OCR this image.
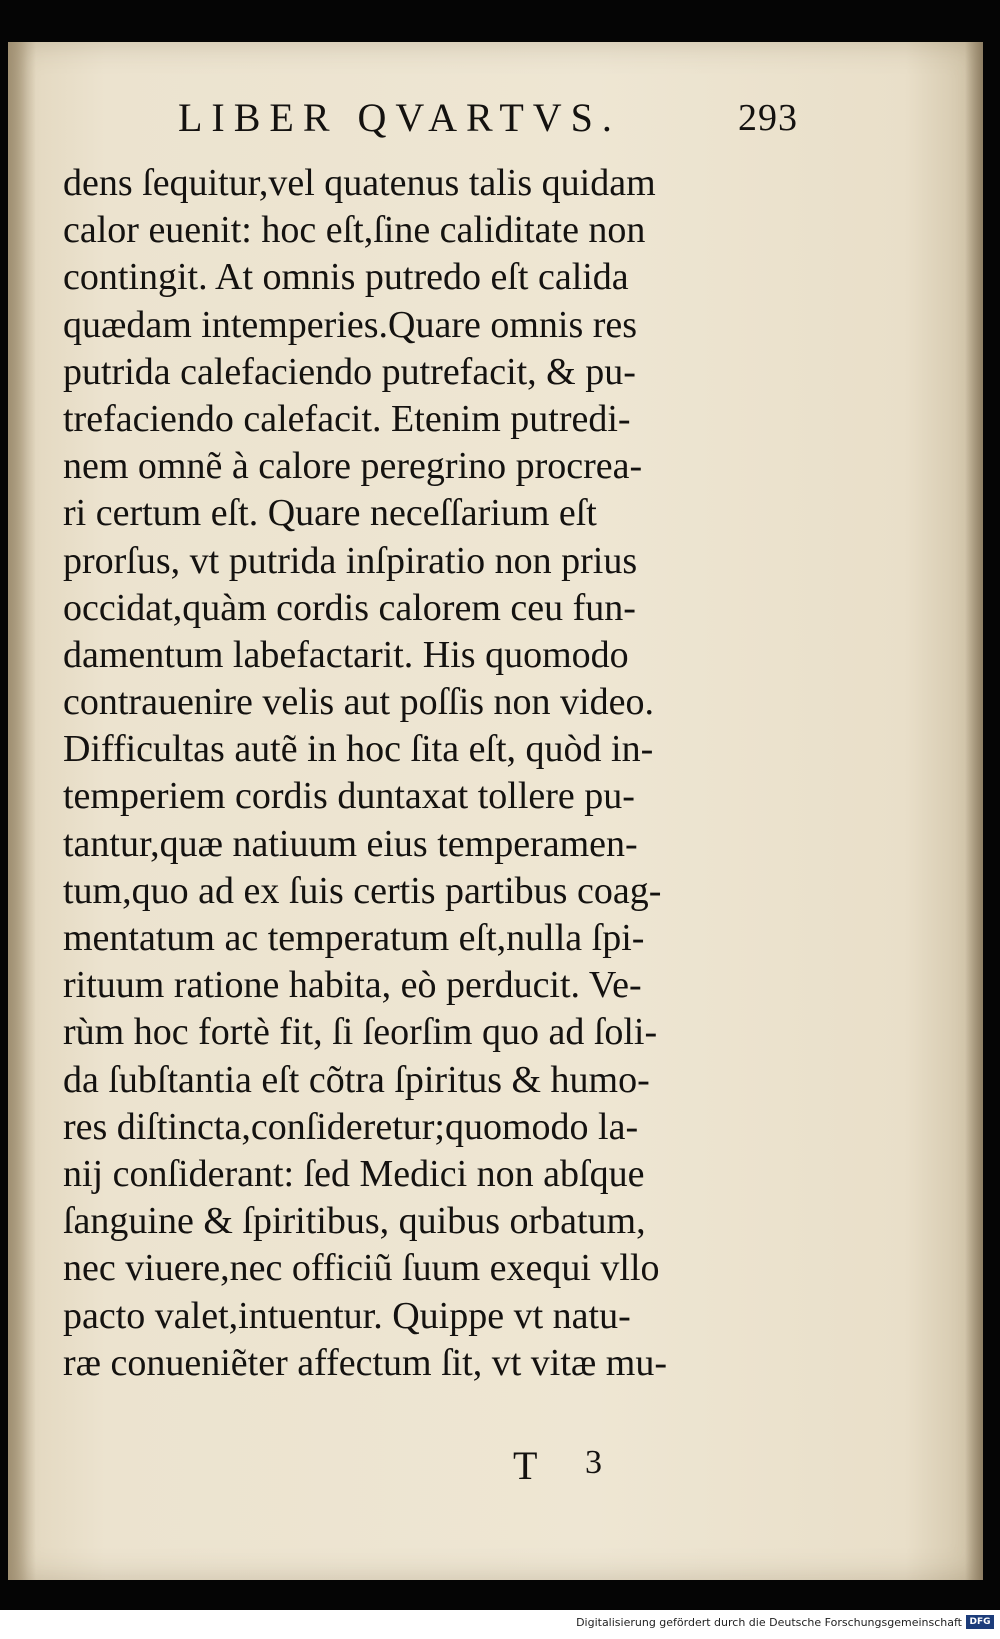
LIBER QVARTVS.	293
dens ſequitur,vel quatenus talis quidam
calor euenit: hoc eſt,ſine caliditate non
contingit. At omnis putredo eſt calida
quædam intemperies.Quare omnis res
putrida calefaciendo putrefacit, & pu-
trefaciendo calefacit. Etenim putredi-
nem omnẽ à calore peregrino procrea-
ri certum eſt. Quare neceſſarium eſt
prorſus, vt putrida inſpiratio non prius
occidat,quàm cordis calorem ceu fun-
damentum labefactarit. His quomodo
contrauenire velis aut poſſis non video.
Difficultas autẽ in hoc ſita eſt, quòd in-
temperiem cordis duntaxat tollere pu-
tantur,quæ natiuum eius temperamen-
tum,quo ad ex ſuis certis partibus coag-
mentatum ac temperatum eſt,nulla ſpi-
rituum ratione habita, eò perducit. Ve-
rùm hoc fortè fit, ſi ſeorſim quo ad ſoli-
da ſubſtantia eſt cõtra ſpiritus & humo-
res diſtincta,conſideretur;quomodo la-
nij conſiderant: ſed Medici non abſque
ſanguine & ſpiritibus, quibus orbatum,
nec viuere,nec officiũ ſuum exequi vllo
pacto valet,intuentur. Quippe vt natu-
ræ conueniẽter affectum ſit, vt vitæ mu-
T 3
Digitalisierung gefördert durch die Deutsche Forschungsgemeinschaft DFG
